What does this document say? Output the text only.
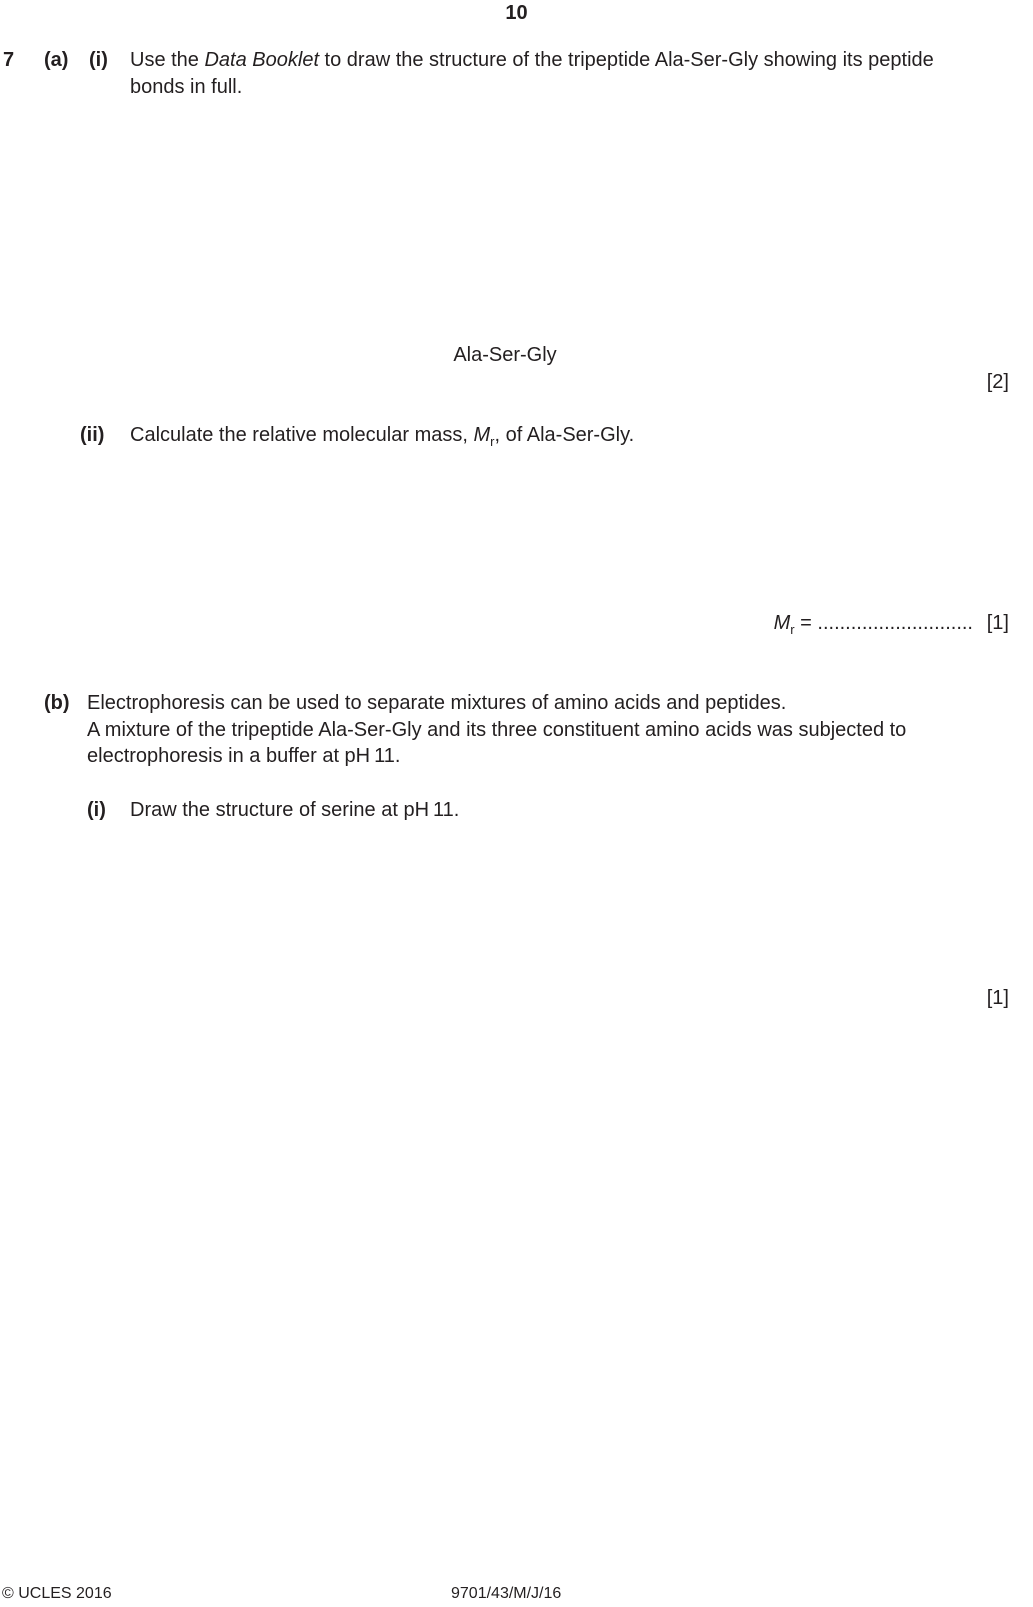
10
7 (a) (i) Use the Data Booklet to draw the structure of the tripeptide Ala-Ser-Gly showing its peptide
bonds in full.
Ala-Ser-Gly
[2]
(ii) Calculate the relative molecular mass, $M_r$, of Ala-Ser-Gly.
$M_r$ = ............................ [1]
(b) Electrophoresis can be used to separate mixtures of amino acids and peptides.
A mixture of the tripeptide Ala-Ser-Gly and its three constituent amino acids was subjected to
electrophoresis in a buffer at pH 11.
(i) Draw the structure of serine at pH 11.
[1]
© UCLES 2016	9701/43/M/J/16
